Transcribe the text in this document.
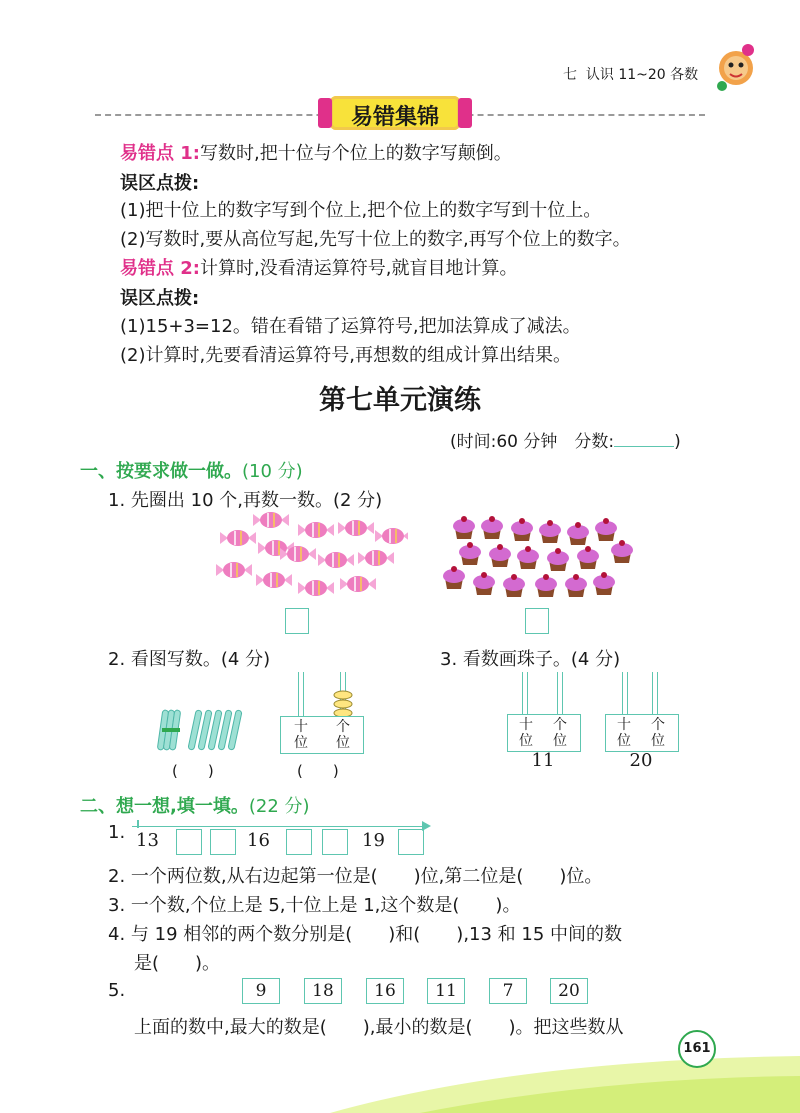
七 认识 11~20 各数
易错集锦
易错点 1:写数时,把十位与个位上的数字写颠倒。
误区点拨:
(1)把十位上的数字写到个位上,把个位上的数字写到十位上。
(2)写数时,要从高位写起,先写十位上的数字,再写个位上的数字。
易错点 2:计算时,没看清运算符号,就盲目地计算。
误区点拨:
(1)15+3=12。错在看错了运算符号,把加法算成了减法。
(2)计算时,先要看清运算符号,再想数的组成计算出结果。
第七单元演练
(时间:60 分钟　分数:	)
一、按要求做一做。(10 分)
1. 先圈出 10 个,再数一数。(2 分)
2. 看图写数。(4 分)	3. 看数画珠子。(4 分)
(　　)
十位
个位
(　　)
十位
个位
11
十位
个位
20
二、想一想,填一填。(22 分)
1. 13	16	19
2. 一个两位数,从右边起第一位是(　　)位,第二位是(　　)位。
3. 一个数,个位上是 5,十位上是 1,这个数是(　　)。
4. 与 19 相邻的两个数分别是(　　)和(　　),13 和 15 中间的数
是(　　)。
5.	9	18	16	11	7	20
上面的数中,最大的数是(　　),最小的数是(　　)。把这些数从
161
